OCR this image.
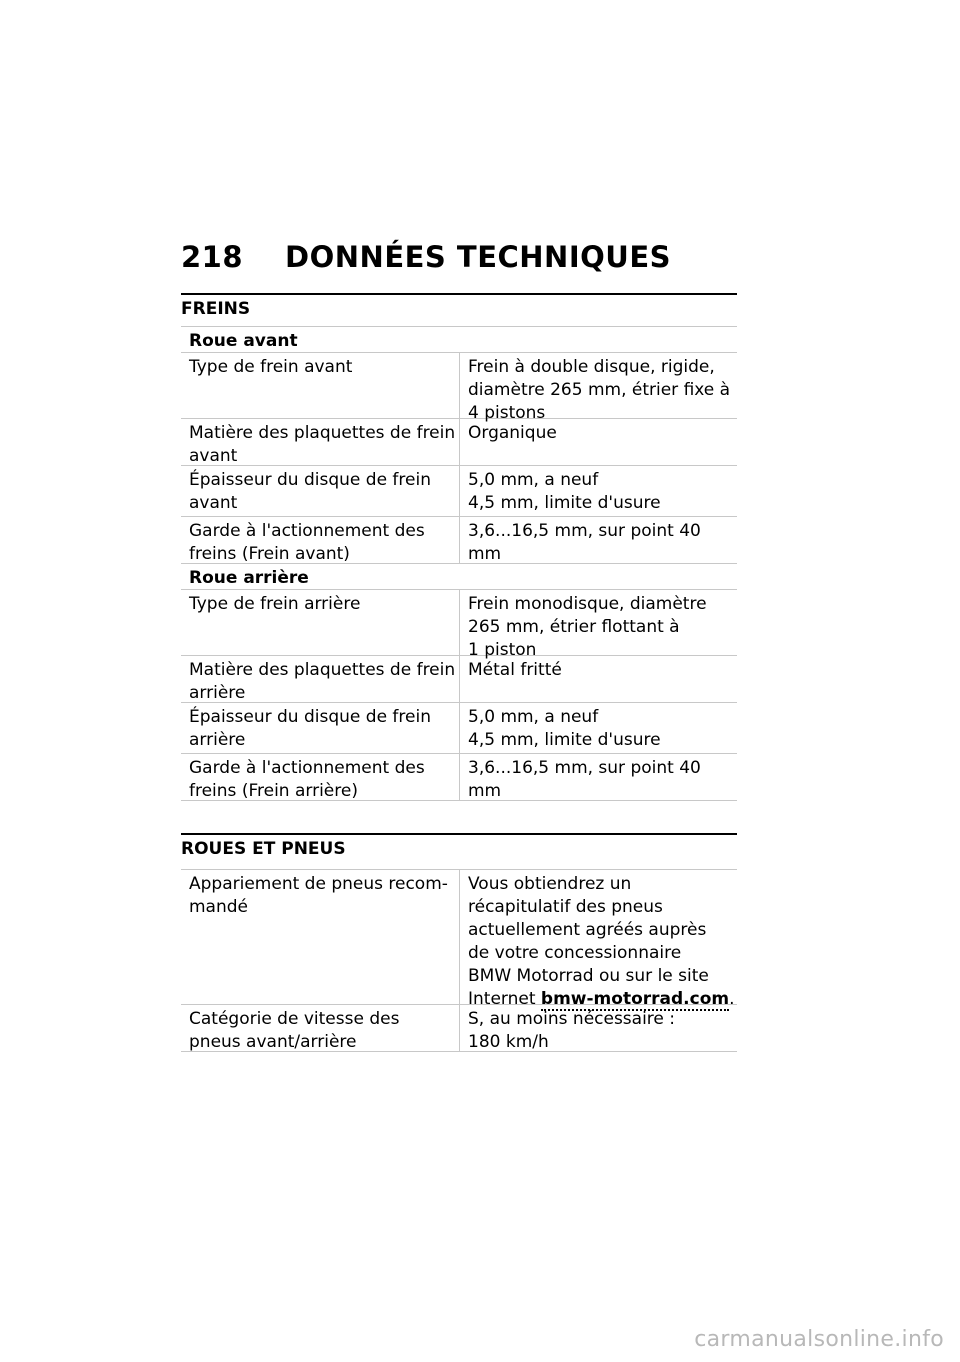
218 DONNÉES TECHNIQUES
FREINS
Roue avant
Type de frein avant	Frein à double disque, rigide,
diamètre 265 mm, étrier fixe à
4 pistons
Matière des plaquettes de frein avant
Organique
Épaisseur du disque de frein avant
5,0 mm, a neuf
4,5 mm, limite d'usure
Garde à l'actionnement des freins (Frein avant)
3,6...16,5 mm, sur point 40
mm
Roue arrière
Type de frein arrière	Frein monodisque, diamètre
265 mm, étrier flottant à
1 piston
Matière des plaquettes de frein arrière
Métal fritté
Épaisseur du disque de frein arrière
5,0 mm, a neuf
4,5 mm, limite d'usure
Garde à l'actionnement des freins (Frein arrière)
3,6...16,5 mm, sur point 40
mm
ROUES ET PNEUS
Appariement de pneus recom-
mandé
Vous obtiendrez un
récapitulatif des pneus
actuellement agréés auprès
de votre concessionnaire
BMW Motorrad ou sur le site
Internet bmw-motorrad.com.
Catégorie de vitesse des
pneus avant/arrière
S, au moins nécessaire :
180 km/h
carmanualsonline.info
